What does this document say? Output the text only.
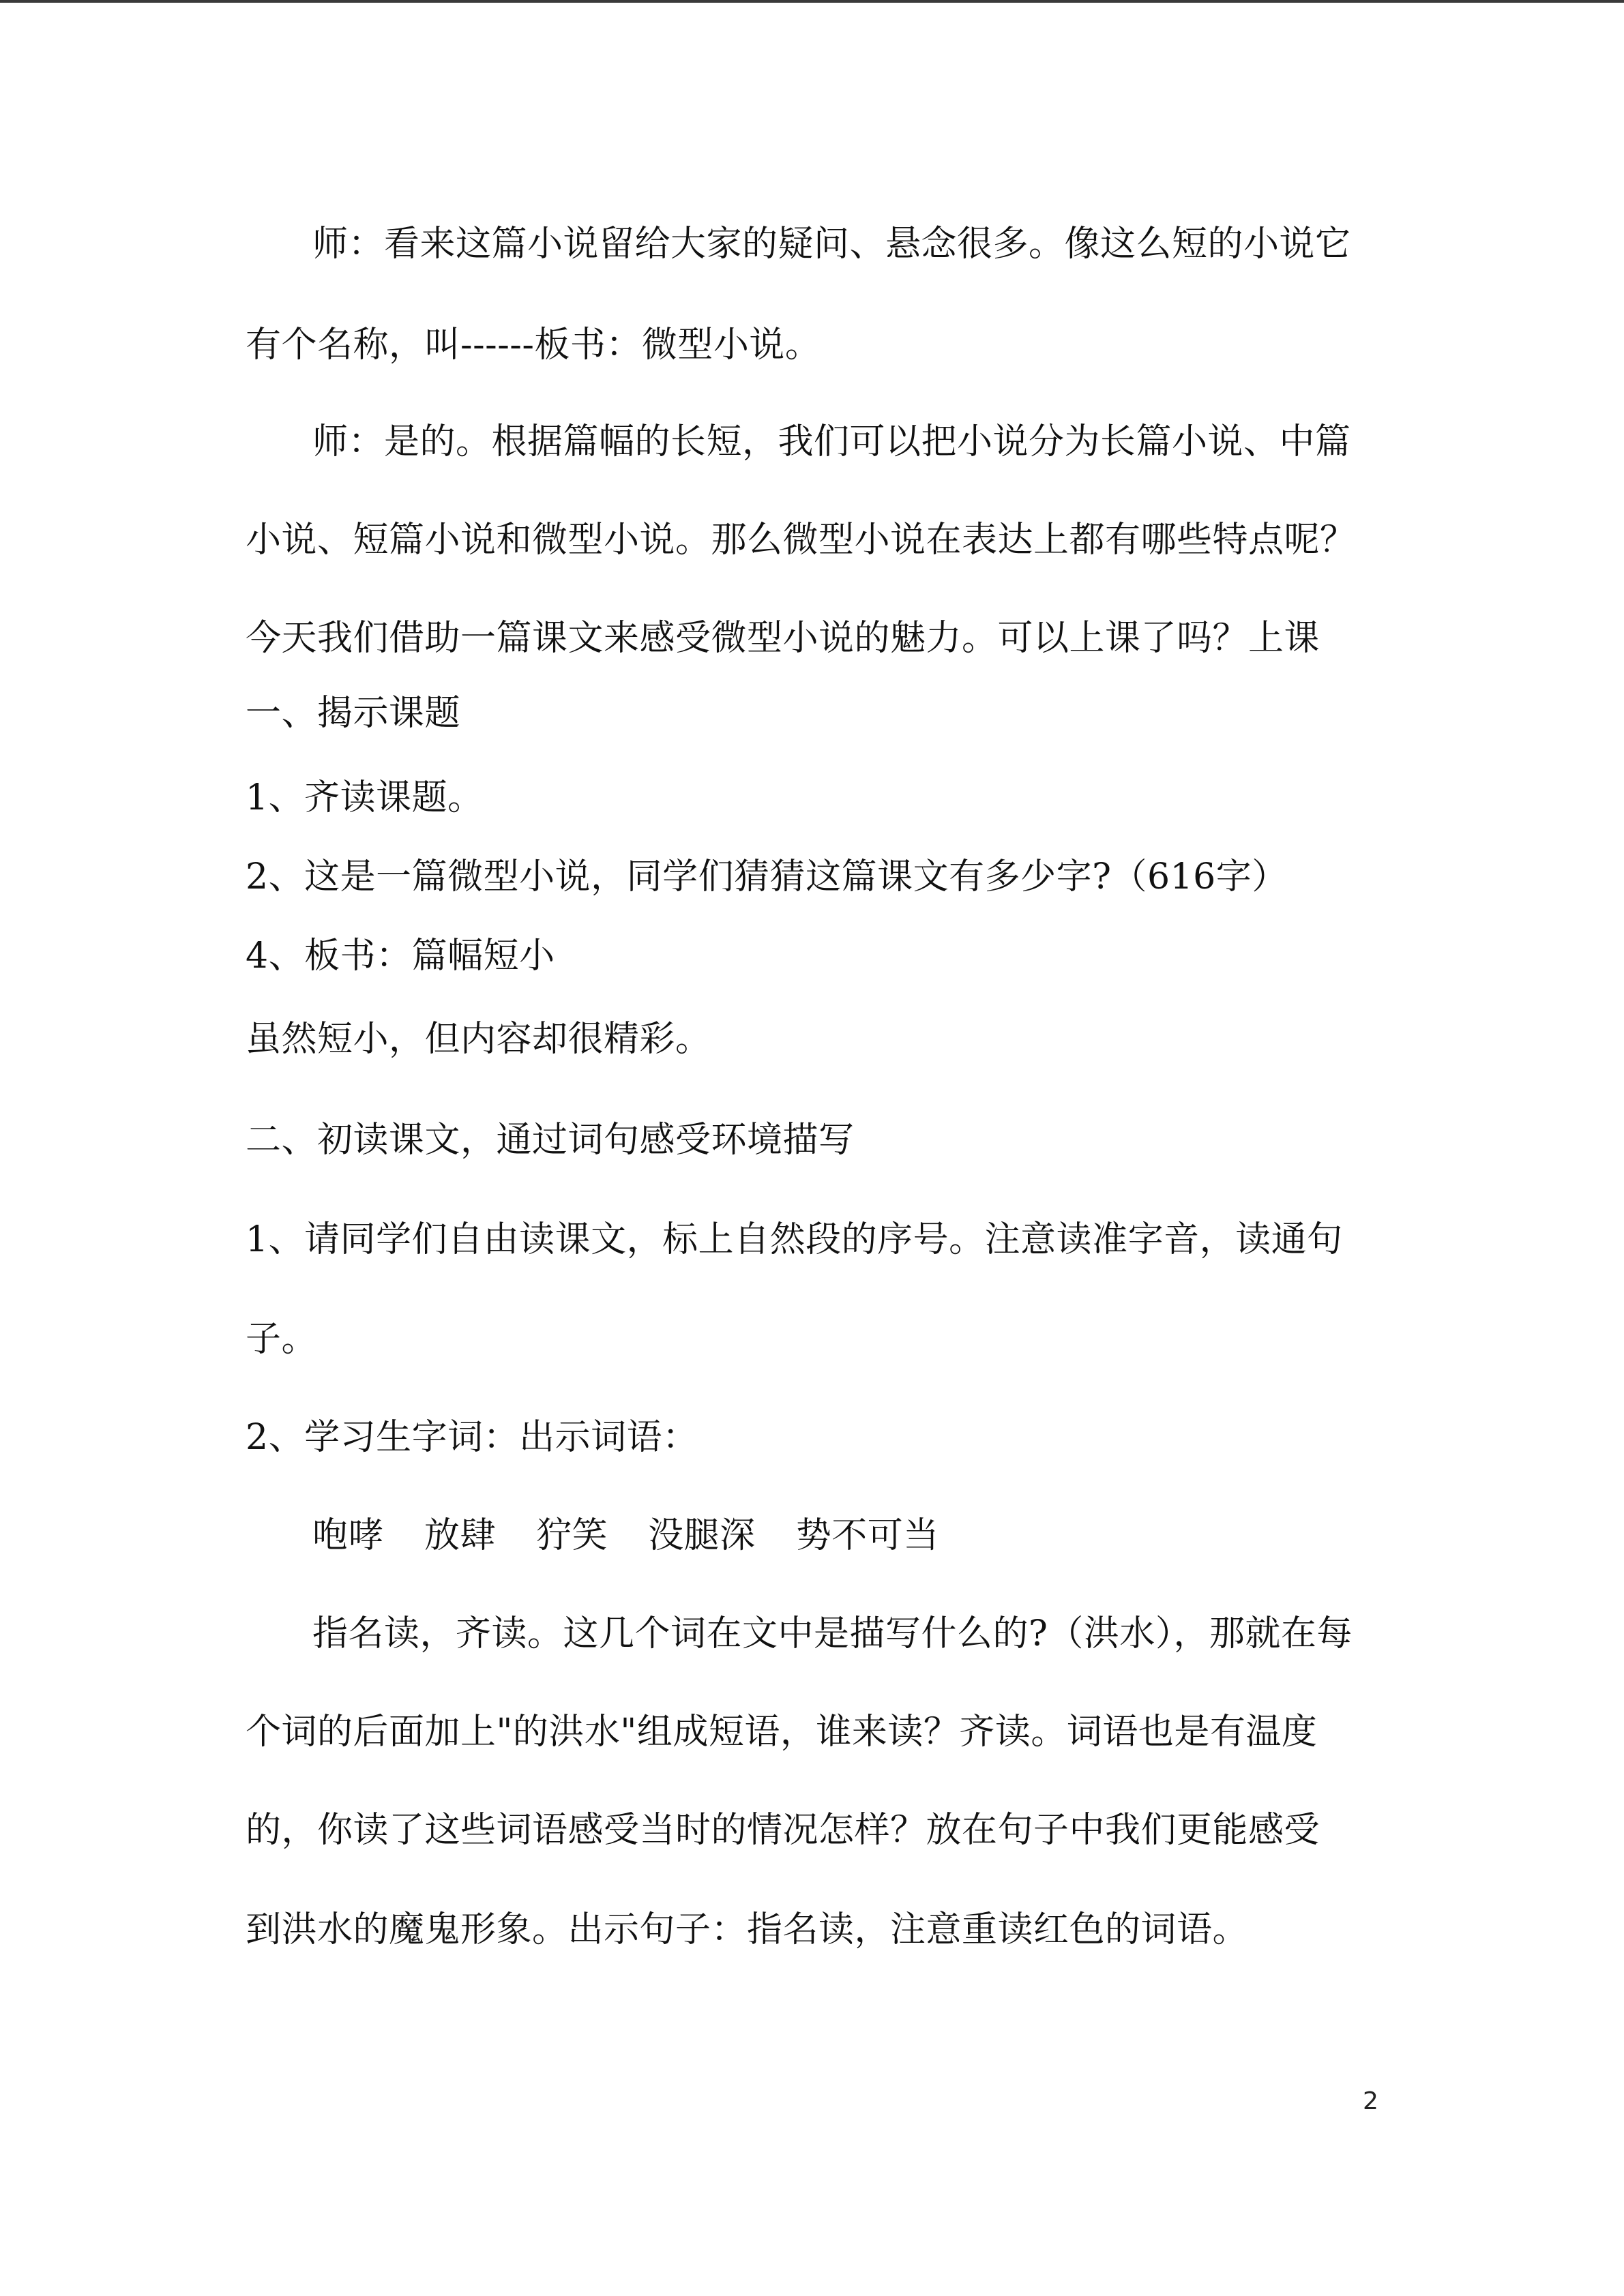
师：看来这篇小说留给大家的疑问、悬念很多。像这么短的小说它
有个名称，叫------板书：微型小说。
师：是的。根据篇幅的长短，我们可以把小说分为长篇小说、中篇
小说、短篇小说和微型小说。那么微型小说在表达上都有哪些特点呢？
今天我们借助一篇课文来感受微型小说的魅力。可以上课了吗？上课
一、揭示课题
1、齐读课题。
2、这是一篇微型小说，同学们猜猜这篇课文有多少字?（616字）
4、板书：篇幅短小
虽然短小，但内容却很精彩。
二、初读课文，通过词句感受环境描写
1、请同学们自由读课文，标上自然段的序号。注意读准字音，读通句
子。
2、学习生字词：出示词语：
咆哮 放肆 狞笑 没腿深 势不可当
指名读，齐读。这几个词在文中是描写什么的?（洪水），那就在每
个词的后面加上"的洪水"组成短语，谁来读？齐读。词语也是有温度
的，你读了这些词语感受当时的情况怎样？放在句子中我们更能感受
到洪水的魔鬼形象。出示句子：指名读，注意重读红色的词语。
2
